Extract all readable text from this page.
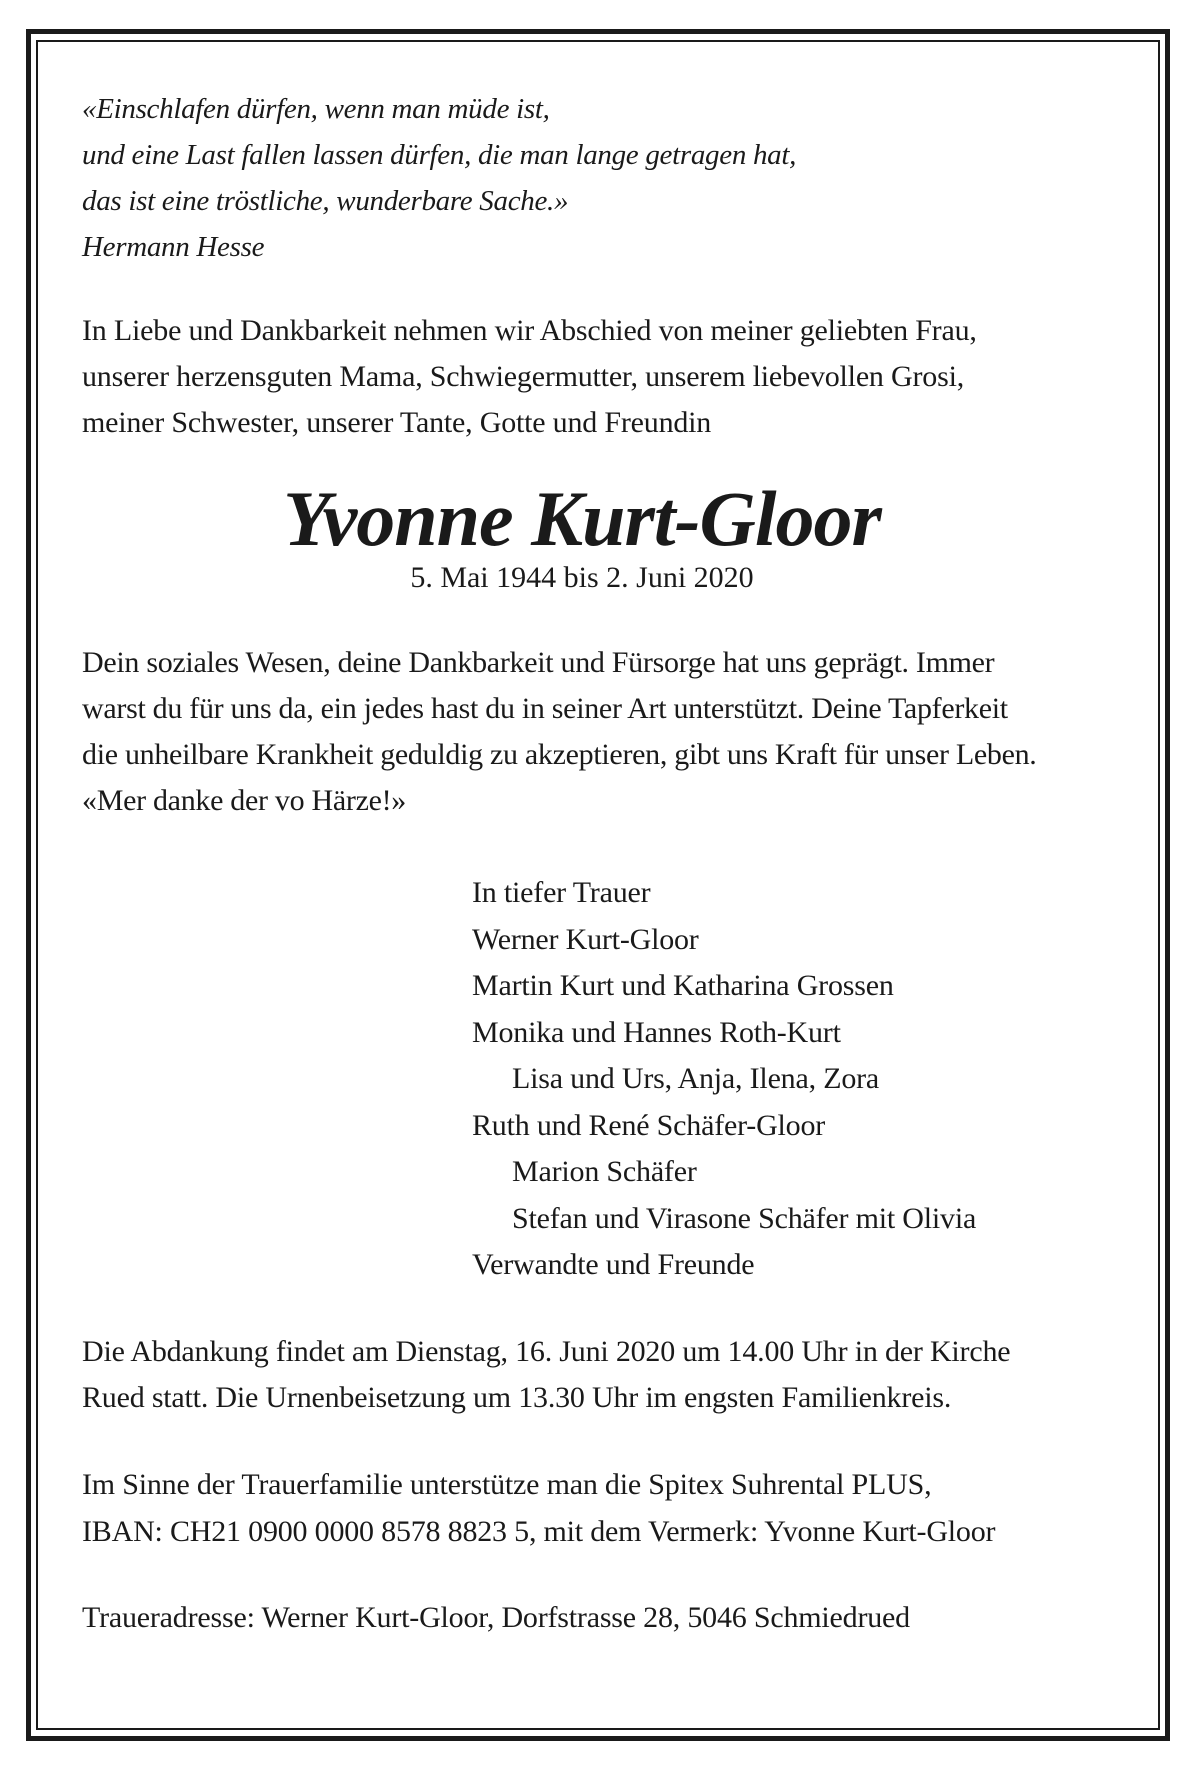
«Einschlafen dürfen, wenn man müde ist,

und eine Last fallen lassen dürfen, die man lange getragen hat,

das ist eine tröstliche, wunderbare Sache.»

Hermann Hesse

In Liebe und Dankbarkeit nehmen wir Abschied von meiner geliebten Frau,

unserer herzensguten Mama, Schwiegermutter, unserem liebevollen Grosi,

meiner Schwester, unserer Tante, Gotte und Freundin

Yvonne Kurt-Gloor
5. Mai 1944 bis 2. Juni 2020

Dein soziales Wesen, deine Dankbarkeit und Fürsorge hat uns geprägt. Immer

warst du für uns da, ein jedes hast du in seiner Art unterstützt. Deine Tapferkeit

die unheilbare Krankheit geduldig zu akzeptieren, gibt uns Kraft für unser Leben.

«Mer danke der vo Härze!»

In tiefer Trauer

Werner Kurt-Gloor

Martin Kurt und Katharina Grossen

Monika und Hannes Roth-Kurt

Lisa und Urs, Anja, Ilena, Zora

Ruth und René Schäfer-Gloor

Marion Schäfer

Stefan und Virasone Schäfer mit Olivia

Verwandte und Freunde

Die Abdankung findet am Dienstag, 16. Juni 2020 um 14.00 Uhr in der Kirche

Rued statt. Die Urnenbeisetzung um 13.30 Uhr im engsten Familienkreis.

Im Sinne der Trauerfamilie unterstütze man die Spitex Suhrental PLUS,

IBAN: CH21 0900 0000 8578 8823 5, mit dem Vermerk: Yvonne Kurt-Gloor

Traueradresse: Werner Kurt-Gloor, Dorfstrasse 28, 5046 Schmiedrued
